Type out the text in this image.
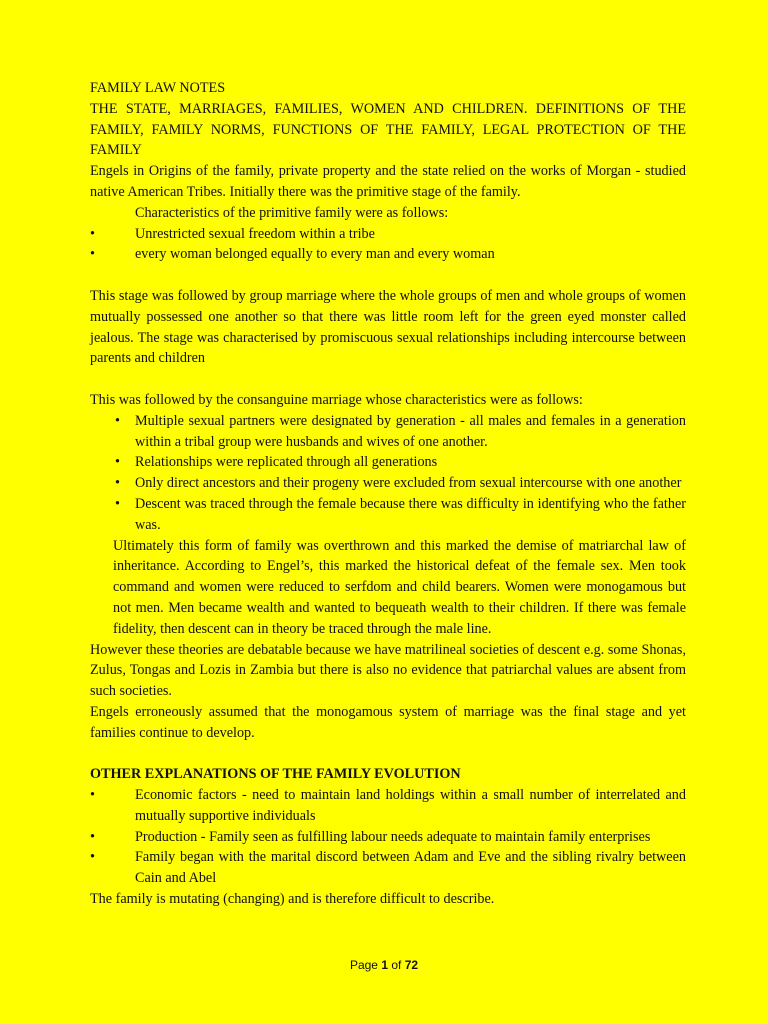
FAMILY LAW NOTES

THE STATE, MARRIAGES, FAMILIES, WOMEN AND CHILDREN. DEFINITIONS OF THE FAMILY, FAMILY NORMS, FUNCTIONS OF THE FAMILY, LEGAL PROTECTION OF THE FAMILY

Engels in Origins of the family, private property and the state relied on the works of Morgan - studied native American Tribes. Initially there was the primitive stage of the family.

Characteristics of the primitive family were as follows:

•	Unrestricted sexual freedom within a tribe

•	every woman belonged equally to every man and every woman

This stage was followed by group marriage where the whole groups of men and whole groups of women mutually possessed one another so that there was little room left for the green eyed monster called jealous. The stage was characterised by promiscuous sexual relationships including intercourse between parents and children

This was followed by the consanguine marriage whose characteristics were as follows:

• Multiple sexual partners were designated by generation - all males and females in a generation within a tribal group were husbands and wives of one another.

• Relationships were replicated through all generations

• Only direct ancestors and their progeny were excluded from sexual intercourse with one another

• Descent was traced through the female because there was difficulty in identifying who the father was.

Ultimately this form of family was overthrown and this marked the demise of matriarchal law of inheritance. According to Engel’s, this marked the historical defeat of the female sex. Men took command and women were reduced to serfdom and child bearers. Women were monogamous but not men. Men became wealth and wanted to bequeath wealth to their children. If there was female fidelity, then descent can in theory be traced through the male line.

However these theories are debatable because we have matrilineal societies of descent e.g. some Shonas, Zulus, Tongas and Lozis in Zambia but there is also no evidence that patriarchal values are absent from such societies.

Engels erroneously assumed that the monogamous system of marriage was the final stage and yet families continue to develop.

OTHER EXPLANATIONS OF THE FAMILY EVOLUTION

•	Economic factors - need to maintain land holdings within a small number of interrelated and mutually supportive individuals

•	Production - Family seen as fulfilling labour needs adequate to maintain family enterprises

•	Family began with the marital discord between Adam and Eve and the sibling rivalry between Cain and Abel

The family is mutating (changing) and is therefore difficult to describe.

Page 1 of 72
